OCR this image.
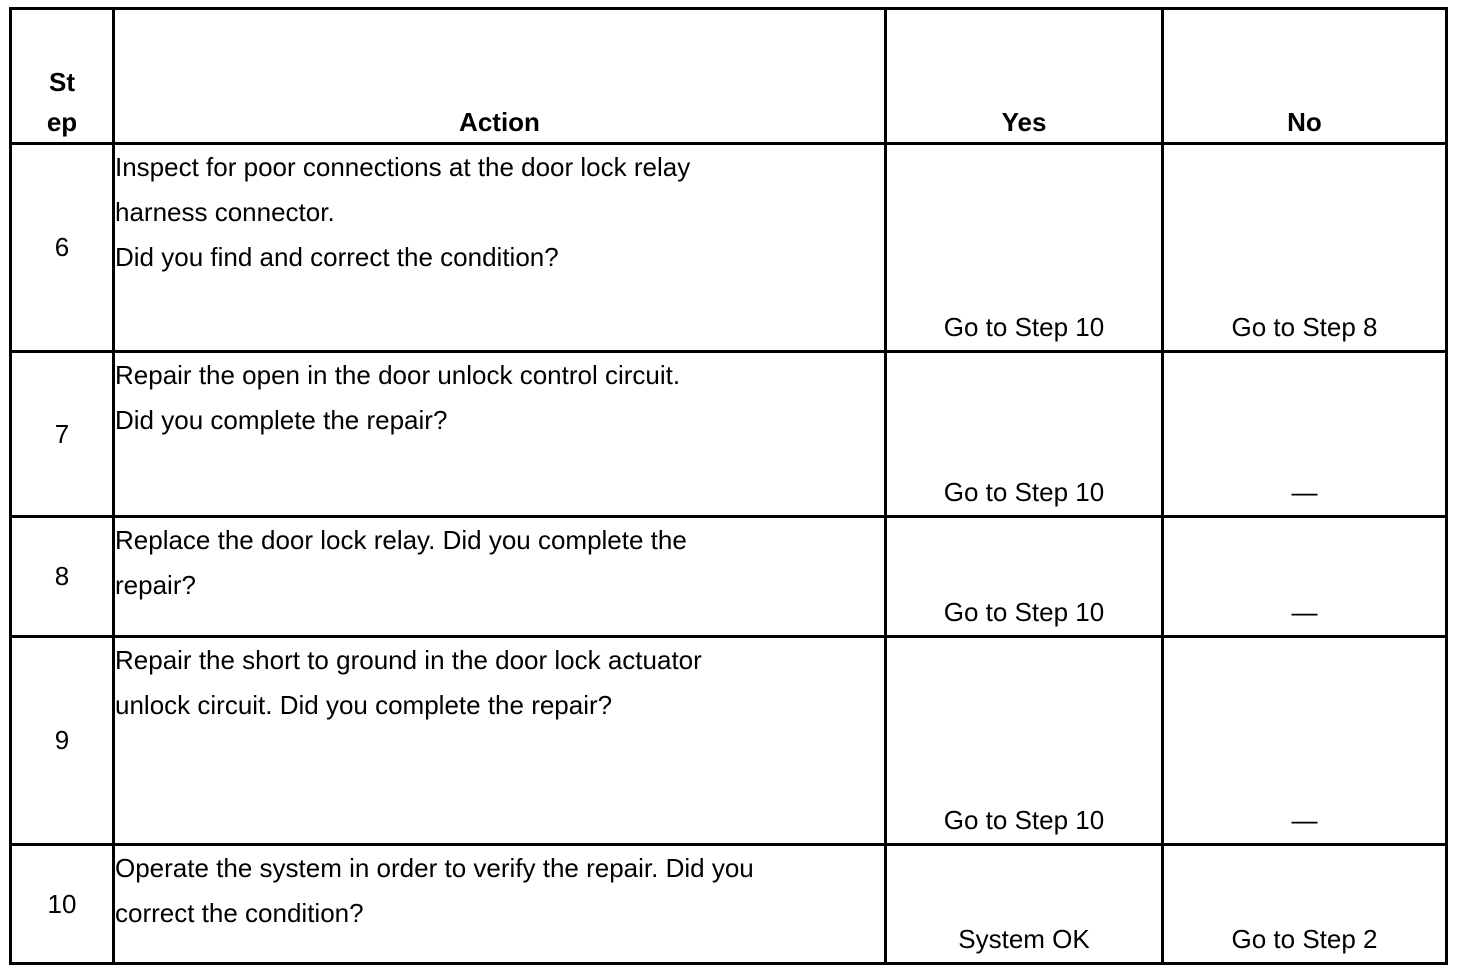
St
ep	Action	Yes	No

6	Inspect for poor connections at the door lock relay
harness connector.
Did you find and correct the condition?	Go to Step 10	Go to Step 8
7	Repair the open in the door unlock control circuit.
Did you complete the repair?	Go to Step 10	—
8	Replace the door lock relay. Did you complete the
repair?	Go to Step 10	—
9	Repair the short to ground in the door lock actuator
unlock circuit. Did you complete the repair?	Go to Step 10	—
10	Operate the system in order to verify the repair. Did you
correct the condition?	System OK	Go to Step 2
